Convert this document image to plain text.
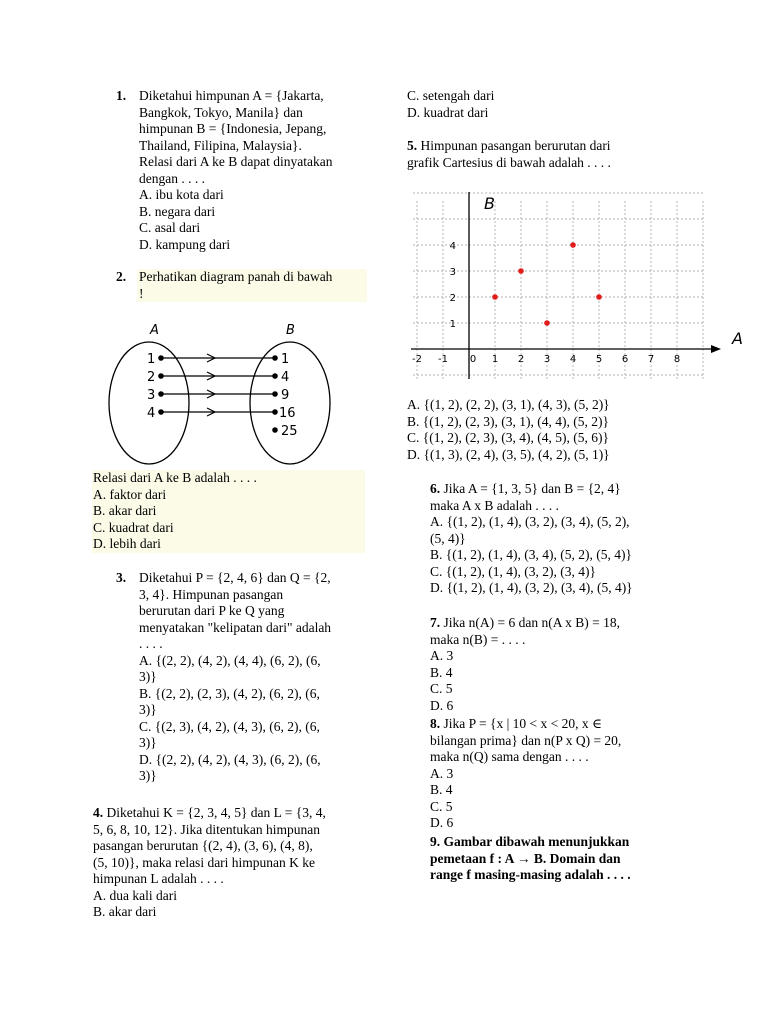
1. Diketahui himpunan A = {Jakarta,
Bangkok, Tokyo, Manila} dan
himpunan B = {Indonesia, Jepang,
Thailand, Filipina, Malaysia}.
Relasi dari A ke B dapat dinyatakan
dengan . . . .
A. ibu kota dari
B. negara dari
C. asal dari
D. kampung dari
2. Perhatikan diagram panah di bawah
!
A	B
1
2
3
4
1
4
9
16
25
Relasi dari A ke B adalah . . . .
A. faktor dari
B. akar dari
C. kuadrat dari
D. lebih dari
3. Diketahui P = {2, 4, 6} dan Q = {2,
3, 4}. Himpunan pasangan
berurutan dari P ke Q yang
menyatakan "kelipatan dari" adalah
. . . .
A. {(2, 2), (4, 2), (4, 4), (6, 2), (6,
3)}
B. {(2, 2), (2, 3), (4, 2), (6, 2), (6,
3)}
C. {(2, 3), (4, 2), (4, 3), (6, 2), (6,
3)}
D. {(2, 2), (4, 2), (4, 3), (6, 2), (6,
3)}
4. Diketahui K = {2, 3, 4, 5} dan L = {3, 4,
5, 6, 8, 10, 12}. Jika ditentukan himpunan
pasangan berurutan {(2, 4), (3, 6), (4, 8),
(5, 10)}, maka relasi dari himpunan K ke
himpunan L adalah . . . .
A. dua kali dari
B. akar dari
C. setengah dari
D. kuadrat dari
5. Himpunan pasangan berurutan dari
grafik Cartesius di bawah adalah . . . .
-2 -1 0 1 2 3 4 5 6 7 8
1
2
3
4
B
A
A. {(1, 2), (2, 2), (3, 1), (4, 3), (5, 2)}
B. {(1, 2), (2, 3), (3, 1), (4, 4), (5, 2)}
C. {(1, 2), (2, 3), (3, 4), (4, 5), (5, 6)}
D. {(1, 3), (2, 4), (3, 5), (4, 2), (5, 1)}
6. Jika A = {1, 3, 5} dan B = {2, 4}
maka A x B adalah . . . .
A. {(1, 2), (1, 4), (3, 2), (3, 4), (5, 2),
(5, 4)}
B. {(1, 2), (1, 4), (3, 4), (5, 2), (5, 4)}
C. {(1, 2), (1, 4), (3, 2), (3, 4)}
D. {(1, 2), (1, 4), (3, 2), (3, 4), (5, 4)}
7. Jika n(A) = 6 dan n(A x B) = 18,
maka n(B) = . . . .
A. 3
B. 4
C. 5
D. 6
8. Jika P = {x | 10 < x < 20, x ∈
bilangan prima} dan n(P x Q) = 20,
maka n(Q) sama dengan . . . .
A. 3
B. 4
C. 5
D. 6
9. Gambar dibawah menunjukkan
pemetaan f : A → B. Domain dan
range f masing-masing adalah . . . .
